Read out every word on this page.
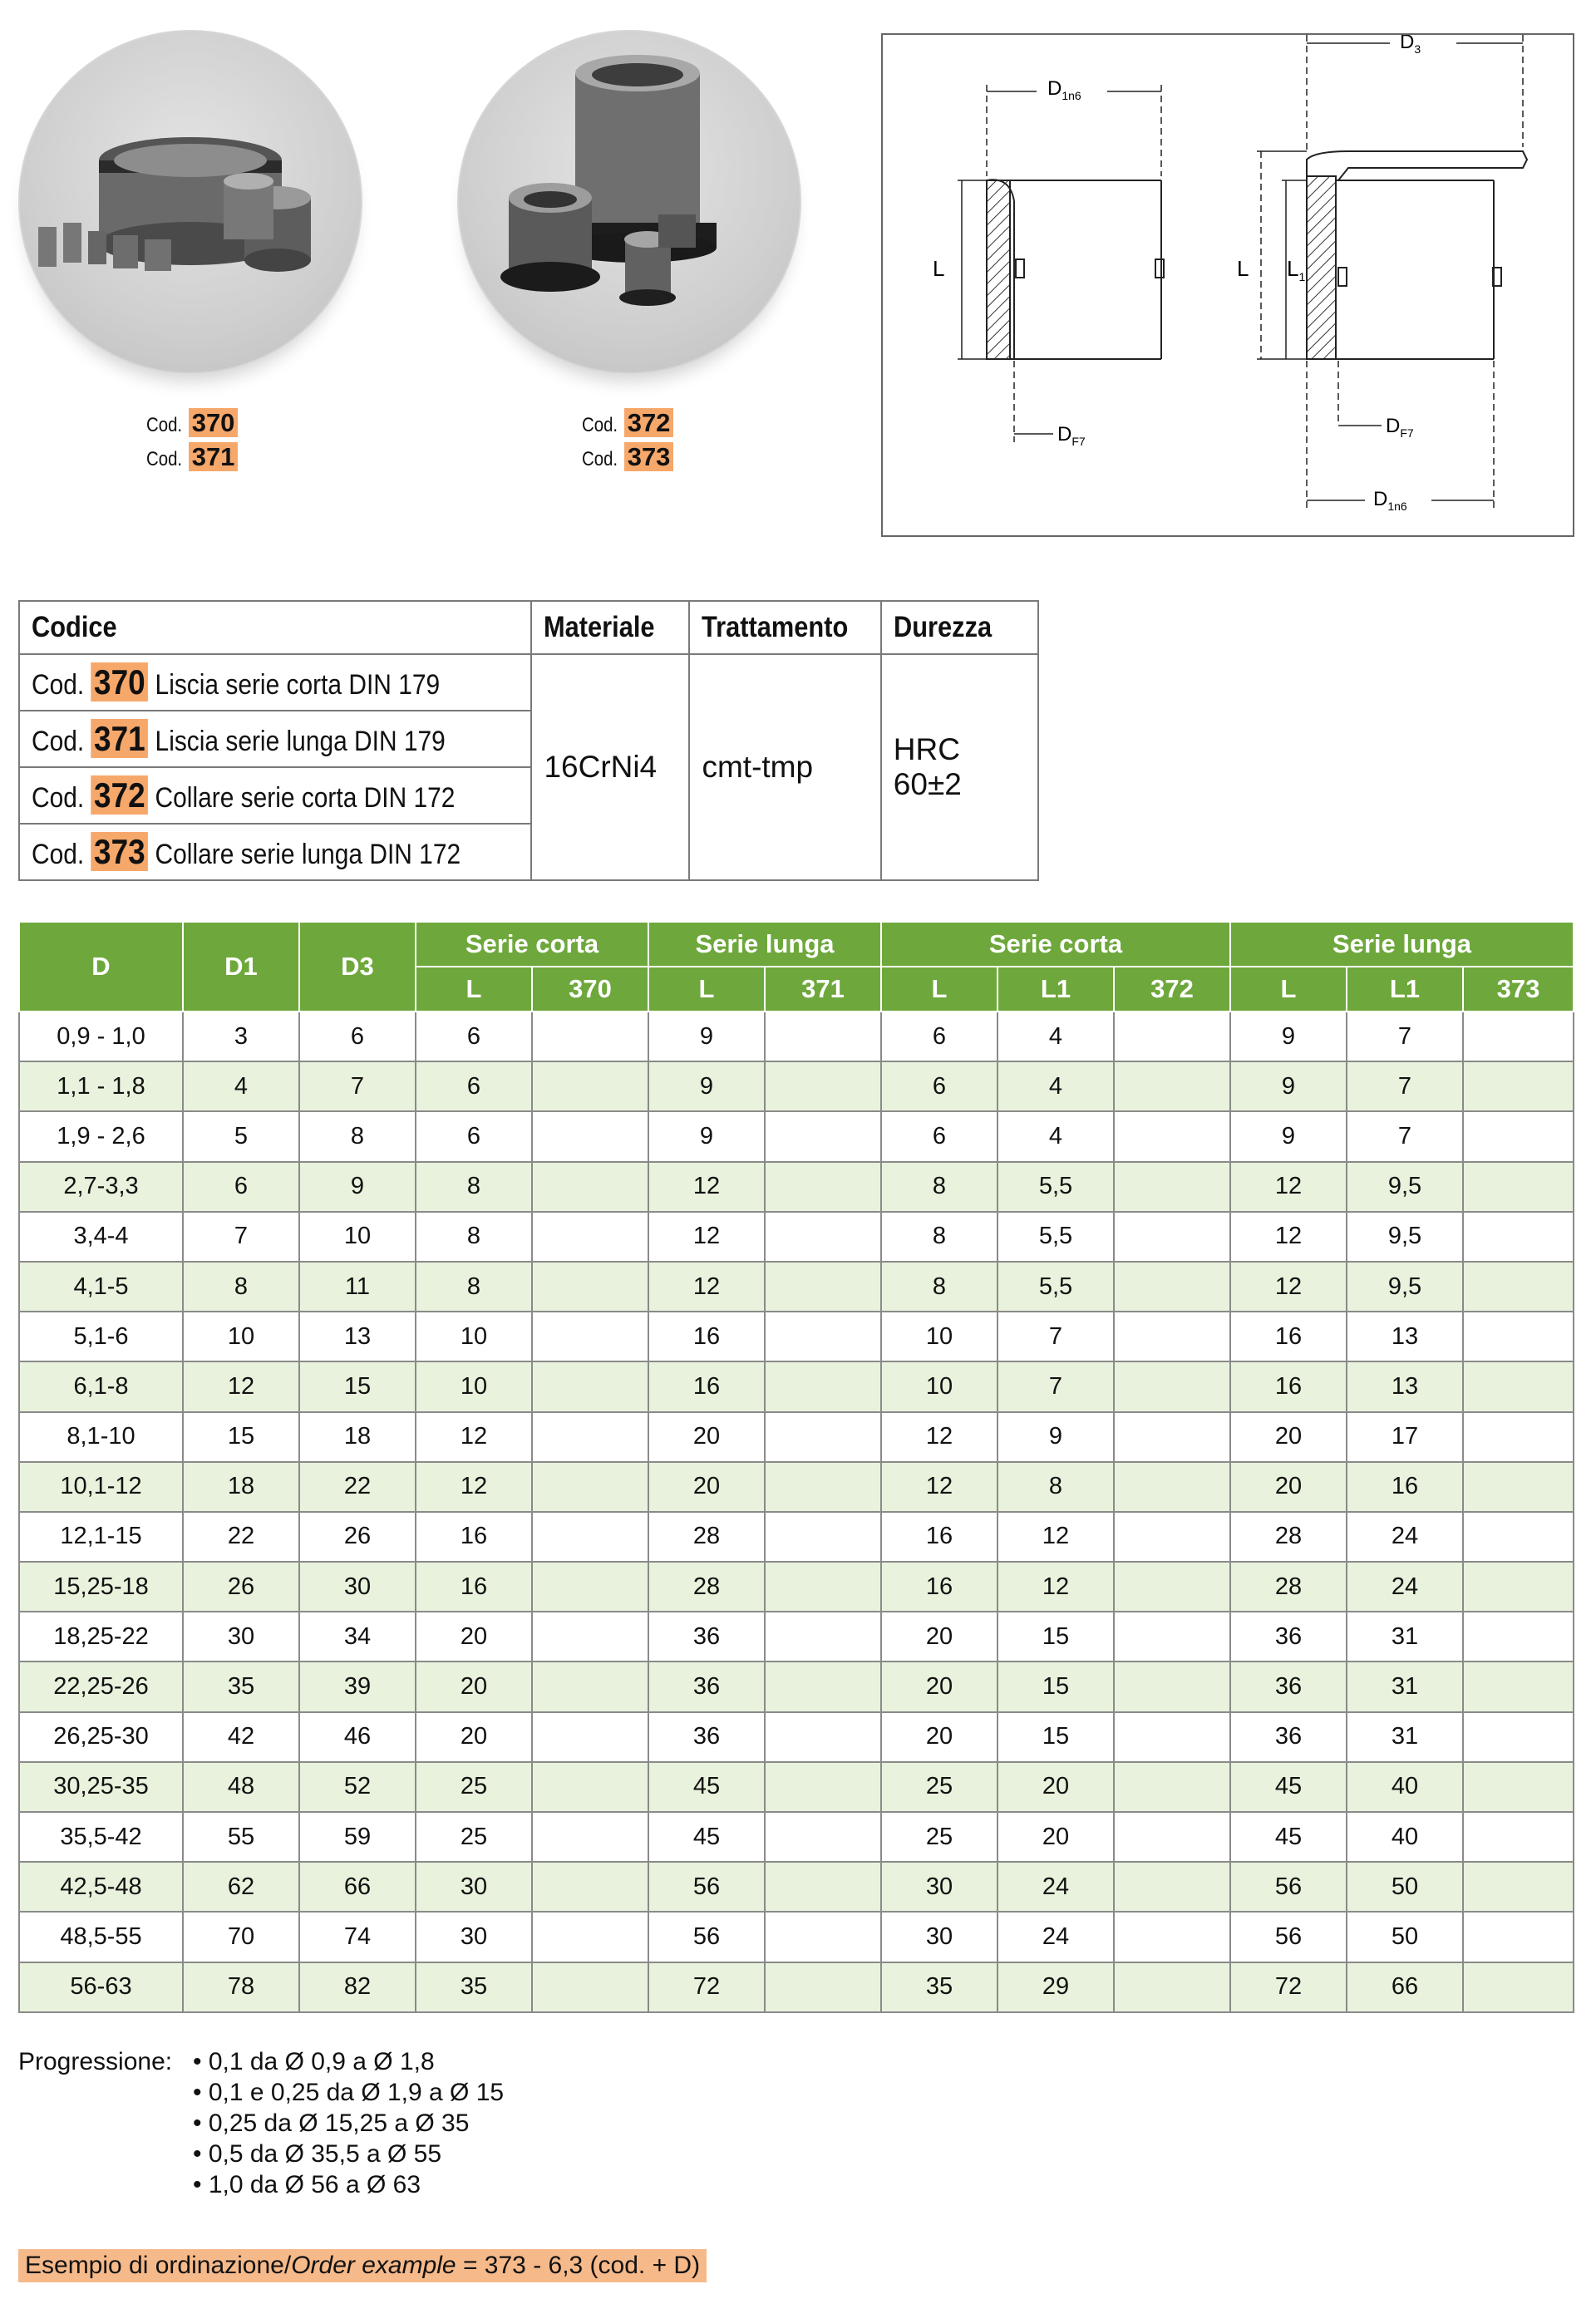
Cod. 370
Cod. 371
Cod. 372
Cod. 373
$D_{1n6}$
L
$D_{F7}$
$D_3$
L $L_1$
$D_{F7}$
$D_{1n6}$
Codice	Materiale	Trattamento	Durezza
Cod. 370 Liscia serie corta DIN 179	16CrNi4	cmt-tmp	HRC 60±2
Cod. 371 Liscia serie lunga DIN 179			
Cod. 372 Collare serie corta DIN 172			
Cod. 373 Collare serie lunga DIN 172			
D	D1	D3	Serie corta		Serie lunga		Serie corta			Serie lunga		
			L	370	L	371	L	L1	372	L	L1	373
0,9 - 1,0	3	6	6		9		6	4		9	7	
1,1 - 1,8	4	7	6		9		6	4		9	7	
1,9 - 2,6	5	8	6		9		6	4		9	7	
2,7-3,3	6	9	8		12		8	5,5		12	9,5	
3,4-4	7	10	8		12		8	5,5		12	9,5	
4,1-5	8	11	8		12		8	5,5		12	9,5	
5,1-6	10	13	10		16		10	7		16	13	
6,1-8	12	15	10		16		10	7		16	13	
8,1-10	15	18	12		20		12	9		20	17	
10,1-12	18	22	12		20		12	8		20	16	
12,1-15	22	26	16		28		16	12		28	24	
15,25-18	26	30	16		28		16	12		28	24	
18,25-22	30	34	20		36		20	15		36	31	
22,25-26	35	39	20		36		20	15		36	31	
26,25-30	42	46	20		36		20	15		36	31	
30,25-35	48	52	25		45		25	20		45	40	
35,5-42	55	59	25		45		25	20		45	40	
42,5-48	62	66	30		56		30	24		56	50	
48,5-55	70	74	30		56		30	24		56	50	
56-63	78	82	35		72		35	29		72	66	
Progressione: • 0,1 da Ø 0,9 a Ø 1,8
• 0,1 e 0,25 da Ø 1,9 a Ø 15
• 0,25 da Ø 15,25 a Ø 35
• 0,5 da Ø 35,5 a Ø 55
• 1,0 da Ø 56 a Ø 63
Esempio di ordinazione/Order example = 373 - 6,3 (cod. + D)
